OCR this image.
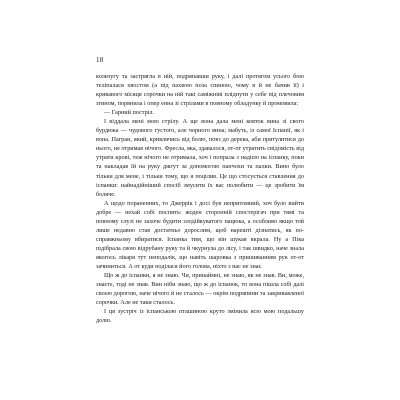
18

кольчугу та застрягла в ній, подряпавши руку, і далі протягом усього бою теліпалася хвостом (а під пахвою поза спиною, чому я й не бачив її) і кривавого місяця сорочки на ній такі саміжніві пліднути у себе під плечовим згином, порвнила і опер енна зі стрілами в повному обладунку й промовила:

— Гарний постріл.

І віддала мені мою стрілу. А ще вона дала мені ковток вина зі свого бурдюка — чудового густого, але чорного вина; мабуть, із самої Іспанії, як і вона. Пагран, який, кривлячись від болю, повз до дерева, аби притулитися до нього, не отримав нічого. Фресла, яка, здавалося, от-от утратить свідомість від утрати крові, теж нічого не отримала, хоч і попрала з надією на іспанку, поки та накладав їй на руку джгут за допомогою панчохи та палки. Вино було тільки для мене, і тільки тому, що я поцілив. Це що стосується ставлення до іспанки: найнадійніший спосіб змусити їх вас полюбити — це зробити їм боляче.

А щодо пораненних, то Джеррiк і досі був непритомний, хоч було вийти добре — нехай собі поспить: жоден сторонній спостерігач при тямі та повному слузі не захоче будити злодійкуватого пацюка, а особливо якщо той лише недавно став достатньо дорослим, щоб нарешті дізнатись, як по-справжньому вбиратися. Іспанка тим, що він шукав вкрала. Ну а Піка підібрала свою відрубану руку та й чкурнула до лісу, і так швидко, наче знала якогось лікаря тут неподалік, що навіть шаровка з пришиванням рук от-от зачиниться. А от куди поділася його голова, ніхто з нас не знає.

Що ж до іспанки, я не знаю. Чи, принаймні, не знаю, як не знав. Ви, може, знаєте, тоді не знав. Вин ніби знаю, що ж до іспанок, то вона пішла собі далі своєю дорогою, наче нічого й не сталось — окрім подряпини та закривавленої сорочки. Але не таки сталось.

І ця зустріч із іспанською пташиною круто змінила всю мою подальшу долю.
